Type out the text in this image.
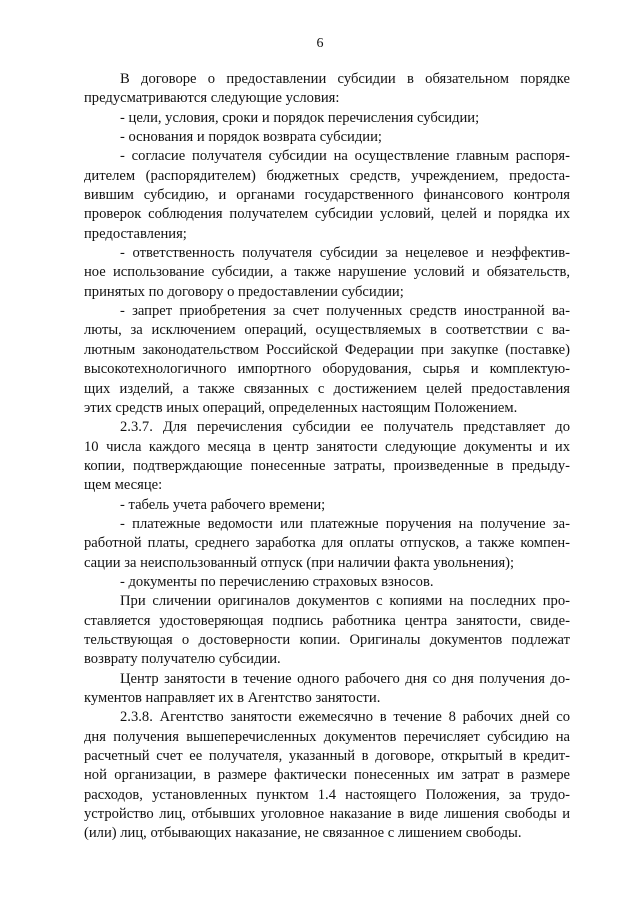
6
В договоре о предоставлении субсидии в обязательном порядке
предусматриваются следующие условия:
- цели, условия, сроки и порядок перечисления субсидии;
- основания и порядок возврата субсидии;
- согласие получателя субсидии на осуществление главным распоря-
дителем (распорядителем) бюджетных средств, учреждением, предоста-
вившим субсидию, и органами государственного финансового контроля
проверок соблюдения получателем субсидии условий, целей и порядка их
предоставления;
- ответственность получателя субсидии за нецелевое и неэффектив-
ное использование субсидии, а также нарушение условий и обязательств,
принятых по договору о предоставлении субсидии;
- запрет приобретения за счет полученных средств иностранной ва-
люты, за исключением операций, осуществляемых в соответствии с ва-
лютным законодательством Российской Федерации при закупке (поставке)
высокотехнологичного импортного оборудования, сырья и комплектую-
щих изделий, а также связанных с достижением целей предоставления
этих средств иных операций, определенных настоящим Положением.
2.3.7. Для перечисления субсидии ее получатель представляет до
10 числа каждого месяца в центр занятости следующие документы и их
копии, подтверждающие понесенные затраты, произведенные в предыду-
щем месяце:
- табель учета рабочего времени;
- платежные ведомости или платежные поручения на получение за-
работной платы, среднего заработка для оплаты отпусков, а также компен-
сации за неиспользованный отпуск (при наличии факта увольнения);
- документы по перечислению страховых взносов.
При сличении оригиналов документов с копиями на последних про-
ставляется удостоверяющая подпись работника центра занятости, свиде-
тельствующая о достоверности копии. Оригиналы документов подлежат
возврату получателю субсидии.
Центр занятости в течение одного рабочего дня со дня получения до-
кументов направляет их в Агентство занятости.
2.3.8. Агентство занятости ежемесячно в течение 8 рабочих дней со
дня получения вышеперечисленных документов перечисляет субсидию на
расчетный счет ее получателя, указанный в договоре, открытый в кредит-
ной организации, в размере фактически понесенных им затрат в размере
расходов, установленных пунктом 1.4 настоящего Положения, за трудо-
устройство лиц, отбывших уголовное наказание в виде лишения свободы и
(или) лиц, отбывающих наказание, не связанное с лишением свободы.
